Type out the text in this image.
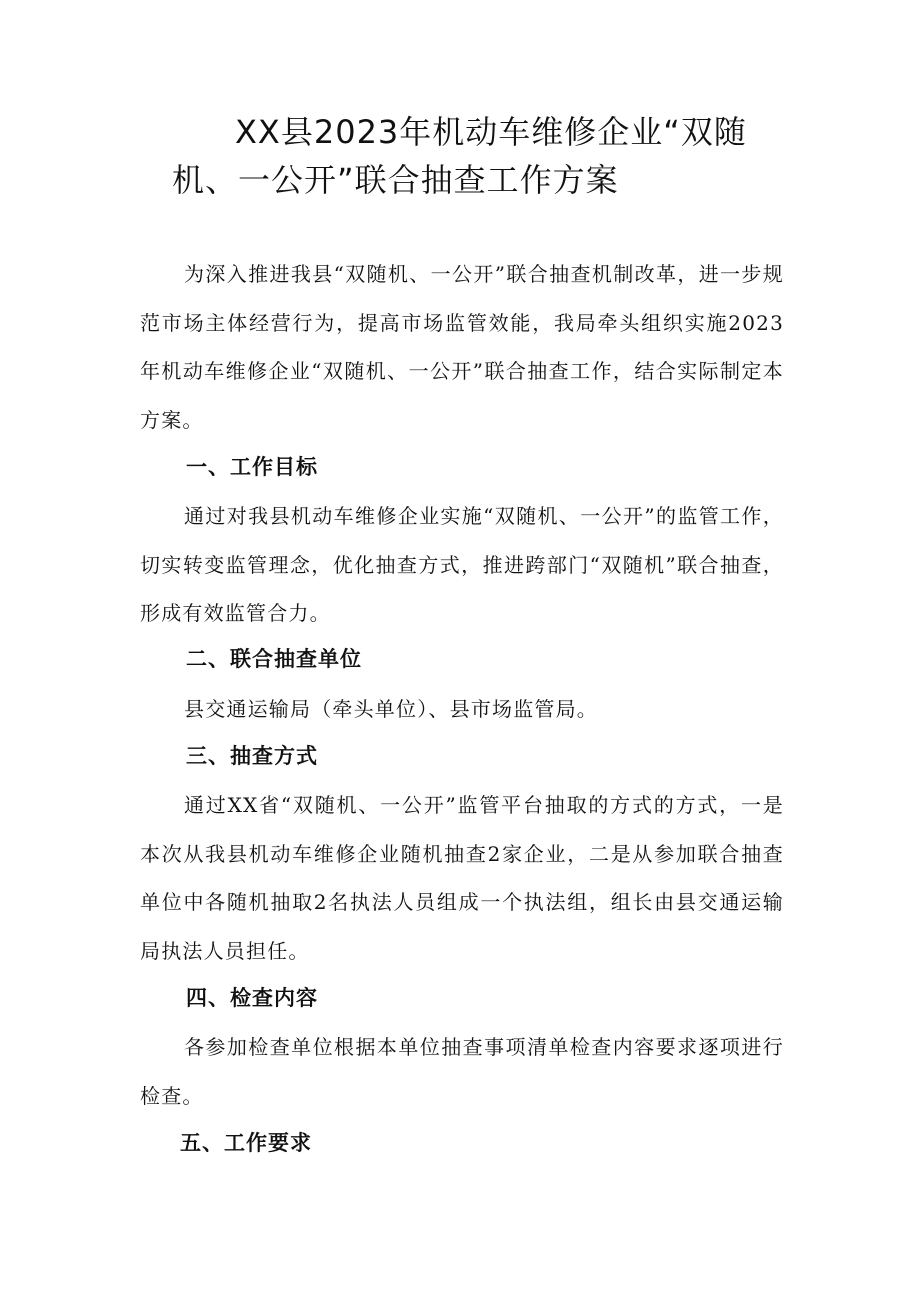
XX县2023年机动车维修企业“双随
机、一公开”联合抽查工作方案

为深入推进我县“双随机、一公开”联合抽查机制改革，进一步规范市场主体经营行为，提高市场监管效能，我局牵头组织实施2023年机动车维修企业“双随机、一公开”联合抽查工作，结合实际制定本方案。

一、工作目标

通过对我县机动车维修企业实施“双随机、一公开”的监管工作，切实转变监管理念，优化抽查方式，推进跨部门“双随机”联合抽查，形成有效监管合力。

二、联合抽查单位

县交通运输局（牵头单位）、县市场监管局。

三、抽查方式

通过XX省“双随机、一公开”监管平台抽取的方式的方式，一是本次从我县机动车维修企业随机抽查2家企业，二是从参加联合抽查单位中各随机抽取2名执法人员组成一个执法组，组长由县交通运输局执法人员担任。

四、检查内容

各参加检查单位根据本单位抽查事项清单检查内容要求逐项进行检查。

五、工作要求
